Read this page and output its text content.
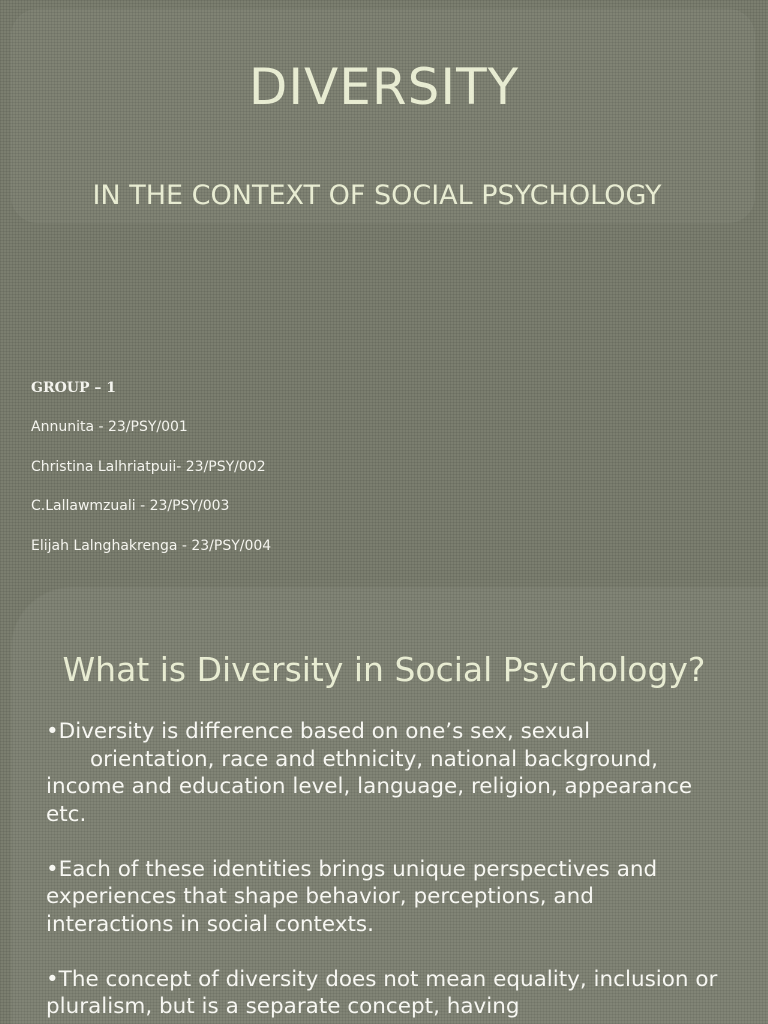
DIVERSITY
IN THE CONTEXT OF SOCIAL PSYCHOLOGY

GROUP – 1

Annunita - 23/PSY/001

Christina Lalhriatpuii- 23/PSY/002

C.Lallawmzuali - 23/PSY/003

Elijah Lalnghakrenga - 23/PSY/004

What is Diversity in Social Psychology?

•Diversity is difference based on one’s sex, sexual
orientation, race and ethnicity, national background, income and education level, language, religion, appearance etc.

•Each of these identities brings unique perspectives and experiences that shape behavior, perceptions, and interactions in social contexts.

•The concept of diversity does not mean equality, inclusion or pluralism, but is a separate concept, having
